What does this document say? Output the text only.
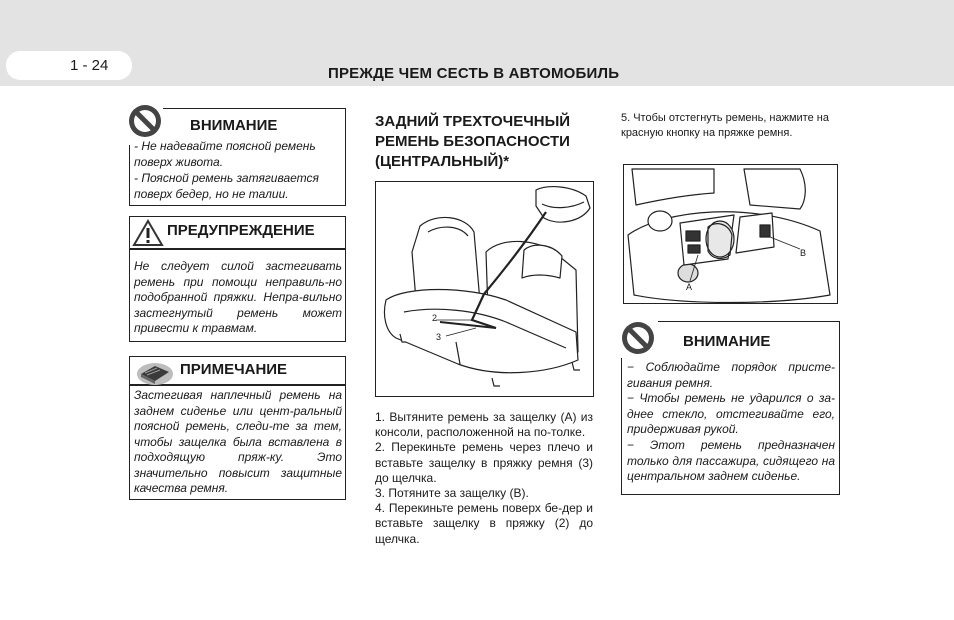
1 - 24	ПРЕЖДЕ ЧЕМ СЕСТЬ В АВТОМОБИЛЬ
ВНИМАНИЕ
- Не надевайте поясной ремень поверх живота.
- Поясной ремень затягивается поверх бедер, но не талии.
ПРЕДУПРЕЖДЕНИЕ
Не следует силой застегивать ремень при помощи неправиль-но подобранной пряжки. Непра-вильно застегнутый ремень может привести к травмам.
ПРИМЕЧАНИЕ
Застегивая наплечный ремень на заднем сиденье или цент-ральный поясной ремень, следи-те за тем, чтобы защелка была вставлена в подходящую пряж-ку. Это значительно повысит защитные качества ремня.
ЗАДНИЙ ТРЕХТОЧЕЧНЫЙ РЕМЕНЬ БЕЗОПАСНОСТИ (ЦЕНТРАЛЬНЫЙ)*
2
3

1. Вытяните ремень за защелку (А) из консоли, расположенной на по-толке.

2. Перекиньте ремень через плечо и вставьте защелку в пряжку ремня (3) до щелчка.

3. Потяните за защелку (В).

4. Перекиньте ремень поверх бе-дер и вставьте защелку в пряжку (2) до щелчка.

5. Чтобы отстегнуть ремень, нажмите на красную кнопку на пряжке ремня.
A
B
ВНИМАНИЕ
− Соблюдайте порядок присте-гивания ремня.
− Чтобы ремень не ударился о за-днее стекло, отстегивайте его, придерживая рукой.
− Этот ремень предназначен только для пассажира, сидящего на центральном заднем сиденье.
